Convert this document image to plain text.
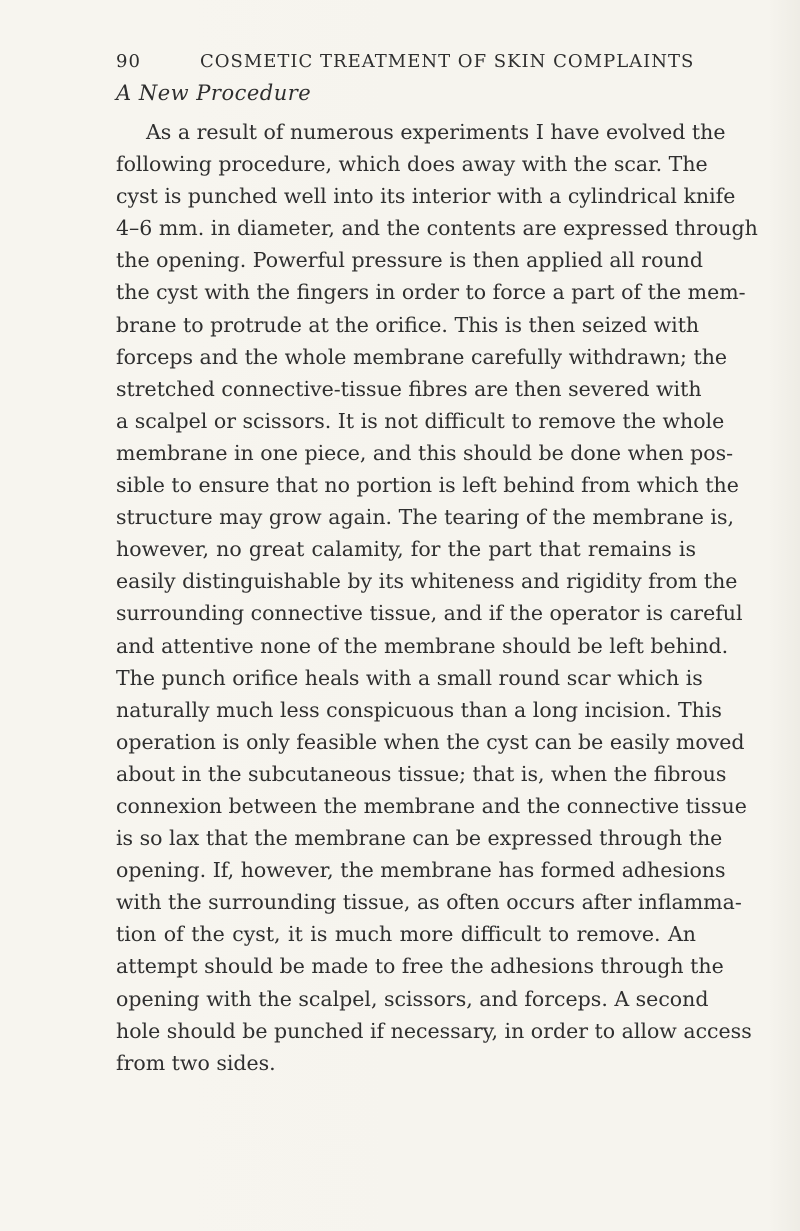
90	COSMETIC TREATMENT OF SKIN COMPLAINTS
A New Procedure
As a result of numerous experiments I have evolved the
following procedure, which does away with the scar. The
cyst is punched well into its interior with a cylindrical knife
4–6 mm. in diameter, and the contents are expressed through
the opening. Powerful pressure is then applied all round
the cyst with the fingers in order to force a part of the mem-
brane to protrude at the orifice. This is then seized with
forceps and the whole membrane carefully withdrawn; the
stretched connective-tissue fibres are then severed with
a scalpel or scissors. It is not difficult to remove the whole
membrane in one piece, and this should be done when pos-
sible to ensure that no portion is left behind from which the
structure may grow again. The tearing of the membrane is,
however, no great calamity, for the part that remains is
easily distinguishable by its whiteness and rigidity from the
surrounding connective tissue, and if the operator is careful
and attentive none of the membrane should be left behind.
The punch orifice heals with a small round scar which is
naturally much less conspicuous than a long incision. This
operation is only feasible when the cyst can be easily moved
about in the subcutaneous tissue; that is, when the fibrous
connexion between the membrane and the connective tissue
is so lax that the membrane can be expressed through the
opening. If, however, the membrane has formed adhesions
with the surrounding tissue, as often occurs after inflamma-
tion of the cyst, it is much more difficult to remove. An
attempt should be made to free the adhesions through the
opening with the scalpel, scissors, and forceps. A second
hole should be punched if necessary, in order to allow access
from two sides.
